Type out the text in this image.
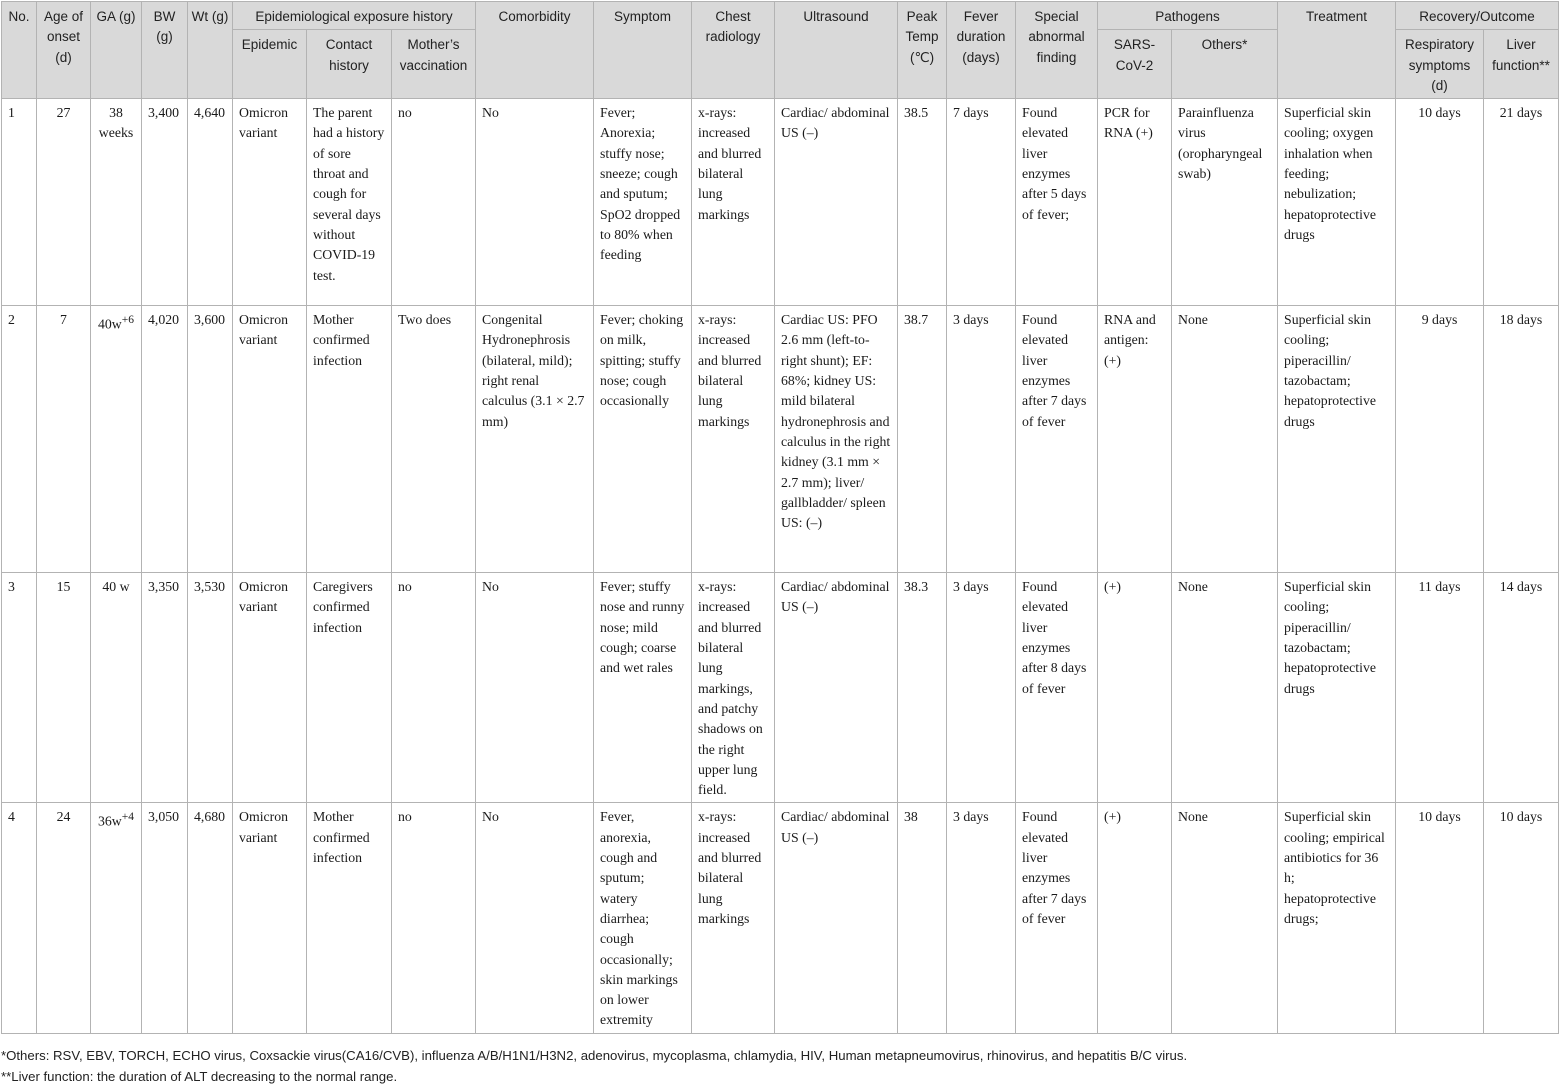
No.	Age of onset (d)	GA (g)	BW (g)	Wt (g)	Epidemiological exposure history			Comorbidity	Symptom	Chest radiology	Ultrasound	Peak Temp (℃)	Fever duration (days)	Special abnormal finding	Pathogens		Treatment	Recovery/Outcome	
					Epidemic	Contact history	Mother’s vaccination								SARS-CoV-2	Others*		Respiratory symptoms (d)	Liver function**
1	27	38 weeks	3,400	4,640	Omicron variant	The parent had a history of sore throat and cough for several days without COVID-19 test.	no	No	Fever; Anorexia; stuffy nose; sneeze; cough and sputum; SpO2 dropped to 80% when feeding	x-rays: increased and blurred bilateral lung markings	Cardiac/ abdominal US (–)	38.5	7 days	Found elevated liver enzymes after 5 days of fever;	PCR for RNA (+)	Parainfluenza virus (oropharyngeal swab)	Superficial skin cooling; oxygen inhalation when feeding; nebulization; hepatoprotective drugs	10 days	21 days
2	7	$40w^{+6}$	4,020	3,600	Omicron variant	Mother confirmed infection	Two does	Congenital Hydronephrosis (bilateral, mild); right renal calculus (3.1 × 2.7 mm)	Fever; choking on milk, spitting; stuffy nose; cough occasionally	x-rays: increased and blurred bilateral lung markings	Cardiac US: PFO 2.6 mm (left-to-right shunt); EF: 68%; kidney US: mild bilateral hydronephrosis and calculus in the right kidney (3.1 mm × 2.7 mm); liver/ gallbladder/ spleen US: (–)	38.7	3 days	Found elevated liver enzymes after 7 days of fever	RNA and antigen: (+)	None	Superficial skin cooling; piperacillin/ tazobactam; hepatoprotective drugs	9 days	18 days
3	15	40 w	3,350	3,530	Omicron variant	Caregivers confirmed infection	no	No	Fever; stuffy nose and runny nose; mild cough; coarse and wet rales	x-rays: increased and blurred bilateral lung markings, and patchy shadows on the right upper lung field.	Cardiac/ abdominal US (–)	38.3	3 days	Found elevated liver enzymes after 8 days of fever	(+)	None	Superficial skin cooling; piperacillin/ tazobactam; hepatoprotective drugs	11 days	14 days
4	24	$36w^{+4}$	3,050	4,680	Omicron variant	Mother confirmed infection	no	No	Fever, anorexia, cough and sputum; watery diarrhea; cough occasionally; skin markings on lower extremity	x-rays: increased and blurred bilateral lung markings	Cardiac/ abdominal US (–)	38	3 days	Found elevated liver enzymes after 7 days of fever	(+)	None	Superficial skin cooling; empirical antibiotics for 36 h; hepatoprotective drugs;	10 days	10 days
*Others: RSV, EBV, TORCH, ECHO virus, Coxsackie virus(CA16/CVB), influenza A/B/H1N1/H3N2, adenovirus, mycoplasma, chlamydia, HIV, Human metapneumovirus, rhinovirus, and hepatitis B/C virus.
**Liver function: the duration of ALT decreasing to the normal range.
